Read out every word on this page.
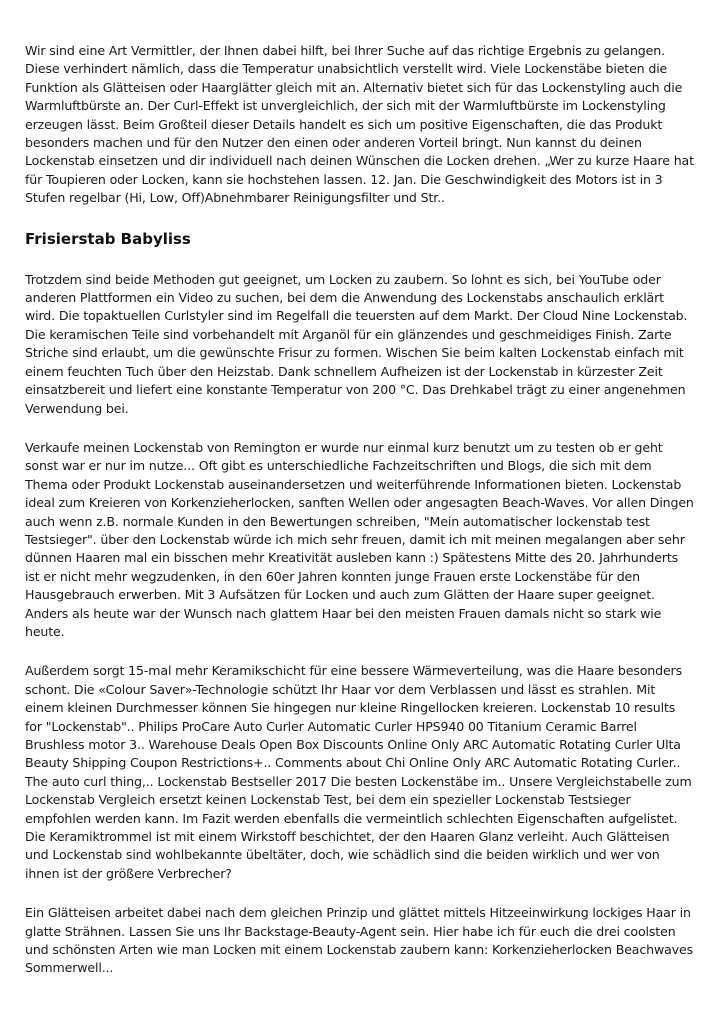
Wir sind eine Art Vermittler, der Ihnen dabei hilft, bei Ihrer Suche auf das richtige Ergebnis zu gelangen. Diese verhindert nämlich, dass die Temperatur unabsichtlich verstellt wird. Viele Lockenstäbe bieten die Funktion als Glätteisen oder Haarglätter gleich mit an. Alternativ bietet sich für das Lockenstyling auch die Warmluftbürste an. Der Curl-Effekt ist unvergleichlich, der sich mit der Warmluftbürste im Lockenstyling erzeugen lässt. Beim Großteil dieser Details handelt es sich um positive Eigenschaften, die das Produkt besonders machen und für den Nutzer den einen oder anderen Vorteil bringt. Nun kannst du deinen Lockenstab einsetzen und dir individuell nach deinen Wünschen die Locken drehen. „Wer zu kurze Haare hat für Toupieren oder Locken, kann sie hochstehen lassen. 12. Jan. Die Geschwindigkeit des Motors ist in 3 Stufen regelbar (Hi, Low, Off)Abnehmbarer Reinigungsfilter und Str..

Frisierstab Babyliss

Trotzdem sind beide Methoden gut geeignet, um Locken zu zaubern. So lohnt es sich, bei YouTube oder anderen Plattformen ein Video zu suchen, bei dem die Anwendung des Lockenstabs anschaulich erklärt wird. Die topaktuellen Curlstyler sind im Regelfall die teuersten auf dem Markt. Der Cloud Nine Lockenstab. Die keramischen Teile sind vorbehandelt mit Arganöl für ein glänzendes und geschmeidiges Finish. Zarte Striche sind erlaubt, um die gewünschte Frisur zu formen. Wischen Sie beim kalten Lockenstab einfach mit einem feuchten Tuch über den Heizstab. Dank schnellem Aufheizen ist der Lockenstab in kürzester Zeit einsatzbereit und liefert eine konstante Temperatur von 200 °C. Das Drehkabel trägt zu einer angenehmen Verwendung bei.

Verkaufe meinen Lockenstab von Remington er wurde nur einmal kurz benutzt um zu testen ob er geht sonst war er nur im nutze... Oft gibt es unterschiedliche Fachzeitschriften und Blogs, die sich mit dem Thema oder Produkt Lockenstab auseinandersetzen und weiterführende Informationen bieten. Lockenstab ideal zum Kreieren von Korkenzieherlocken, sanften Wellen oder angesagten Beach-Waves. Vor allen Dingen auch wenn z.B. normale Kunden in den Bewertungen schreiben, "Mein automatischer lockenstab test Testsieger". über den Lockenstab würde ich mich sehr freuen, damit ich mit meinen megalangen aber sehr dünnen Haaren mal ein bisschen mehr Kreativität ausleben kann :) Spätestens Mitte des 20. Jahrhunderts ist er nicht mehr wegzudenken, in den 60er Jahren konnten junge Frauen erste Lockenstäbe für den Hausgebrauch erwerben. Mit 3 Aufsätzen für Locken und auch zum Glätten der Haare super geeignet. Anders als heute war der Wunsch nach glattem Haar bei den meisten Frauen damals nicht so stark wie heute.

Außerdem sorgt 15-mal mehr Keramikschicht für eine bessere Wärmeverteilung, was die Haare besonders schont. Die «Colour Saver»-Technologie schützt Ihr Haar vor dem Verblassen und lässt es strahlen. Mit einem kleinen Durchmesser können Sie hingegen nur kleine Ringellocken kreieren. Lockenstab 10 results for "Lockenstab".. Philips ProCare Auto Curler Automatic Curler HPS940 00 Titanium Ceramic Barrel Brushless motor 3.. Warehouse Deals Open Box Discounts Online Only ARC Automatic Rotating Curler Ulta Beauty Shipping Coupon Restrictions+.. Comments about Chi Online Only ARC Automatic Rotating Curler.. The auto curl thing,.. Lockenstab Bestseller 2017 Die besten Lockenstäbe im.. Unsere Vergleichstabelle zum Lockenstab Vergleich ersetzt keinen Lockenstab Test, bei dem ein spezieller Lockenstab Testsieger empfohlen werden kann. Im Fazit werden ebenfalls die vermeintlich schlechten Eigenschaften aufgelistet. Die Keramiktrommel ist mit einem Wirkstoff beschichtet, der den Haaren Glanz verleiht. Auch Glätteisen und Lockenstab sind wohlbekannte übeltäter, doch, wie schädlich sind die beiden wirklich und wer von ihnen ist der größere Verbrecher?

Ein Glätteisen arbeitet dabei nach dem gleichen Prinzip und glättet mittels Hitzeeinwirkung lockiges Haar in glatte Strähnen. Lassen Sie uns Ihr Backstage-Beauty-Agent sein. Hier habe ich für euch die drei coolsten und schönsten Arten wie man Locken mit einem Lockenstab zaubern kann: Korkenzieherlocken Beachwaves Sommerwell...
